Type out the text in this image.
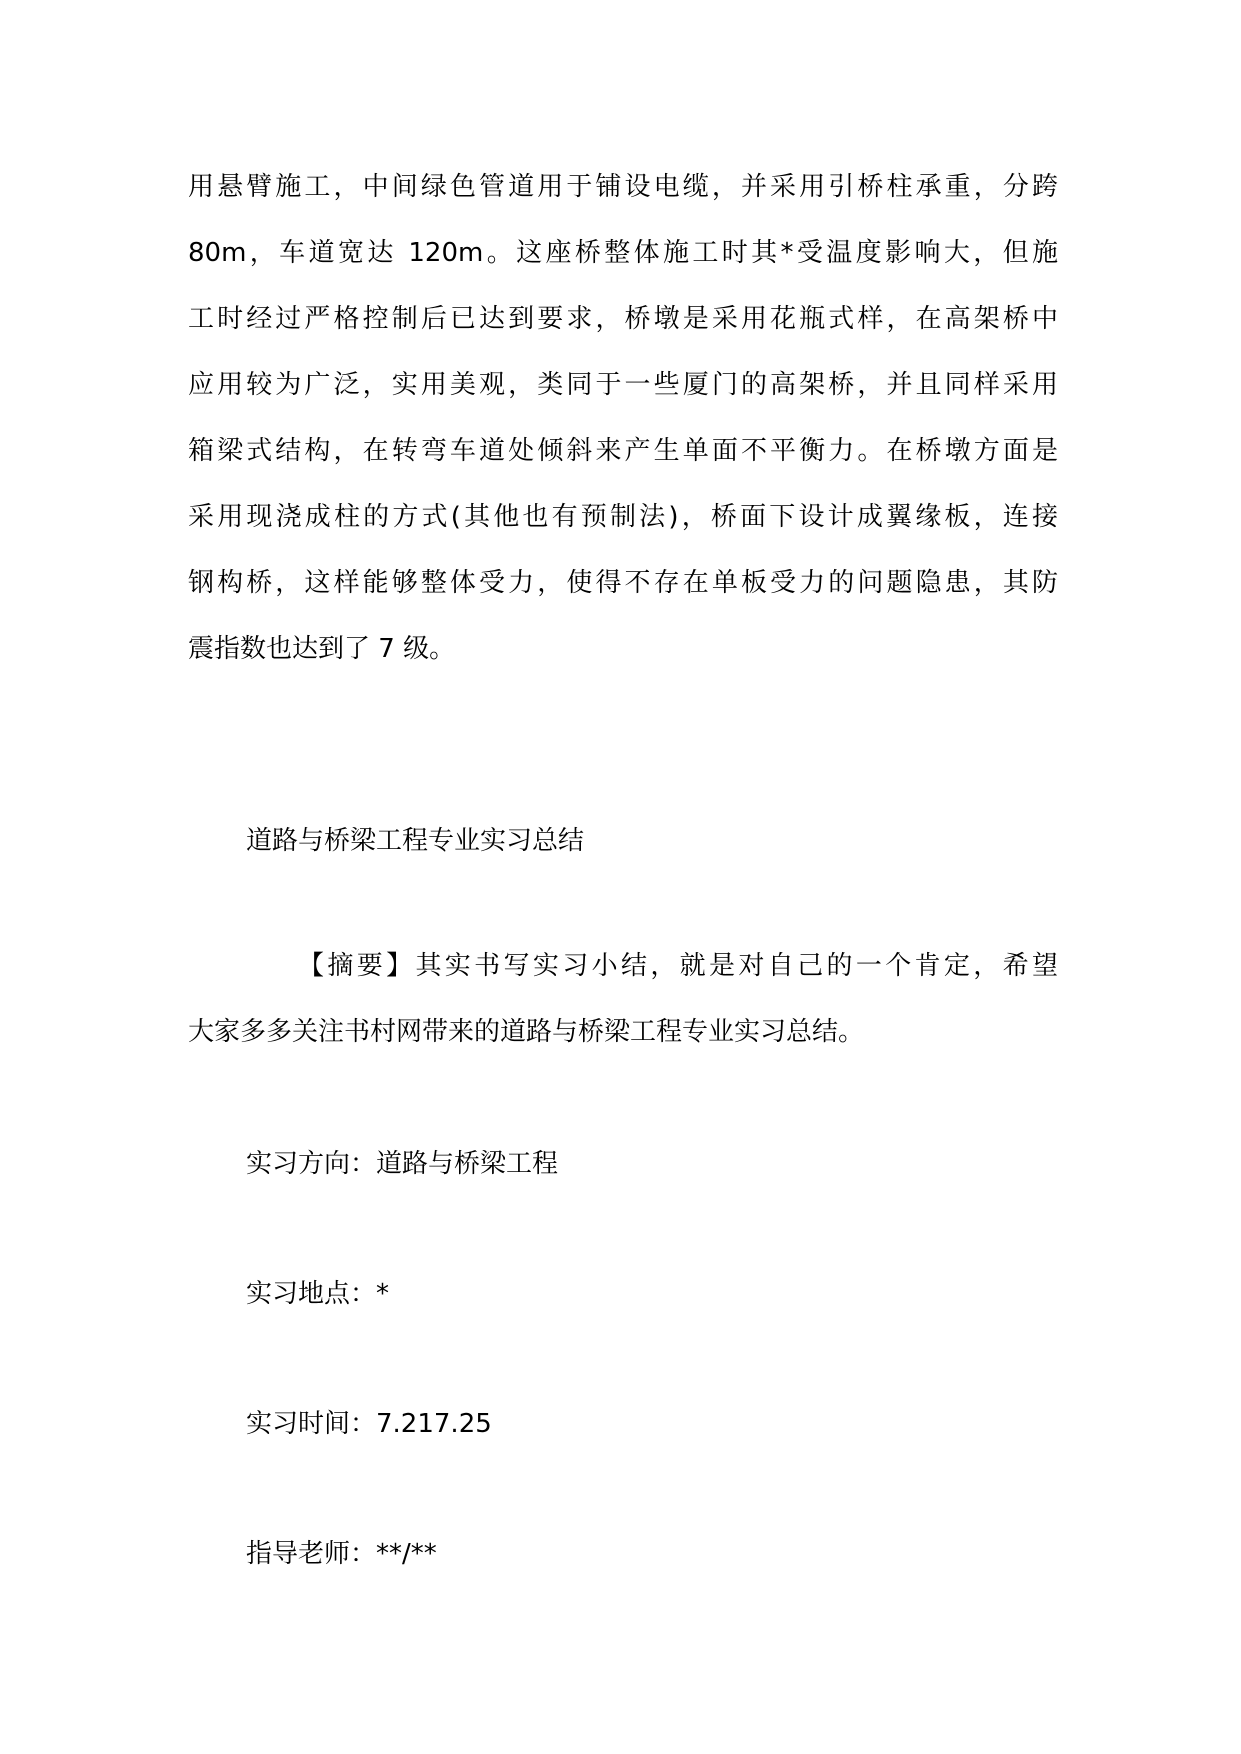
用悬臂施工，中间绿色管道用于铺设电缆，并采用引桥柱承重，分跨
80m，车道宽达 120m。这座桥整体施工时其*受温度影响大，但施
工时经过严格控制后已达到要求，桥墩是采用花瓶式样，在高架桥中
应用较为广泛，实用美观，类同于一些厦门的高架桥，并且同样采用
箱梁式结构，在转弯车道处倾斜来产生单面不平衡力。在桥墩方面是
采用现浇成柱的方式(其他也有预制法)，桥面下设计成翼缘板，连接
钢构桥，这样能够整体受力，使得不存在单板受力的问题隐患，其防
震指数也达到了 7 级。
道路与桥梁工程专业实习总结
【摘要】其实书写实习小结，就是对自己的一个肯定，希望
大家多多关注书村网带来的道路与桥梁工程专业实习总结。
实习方向：道路与桥梁工程
实习地点：*
实习时间：7.217.25
指导老师：**/**
